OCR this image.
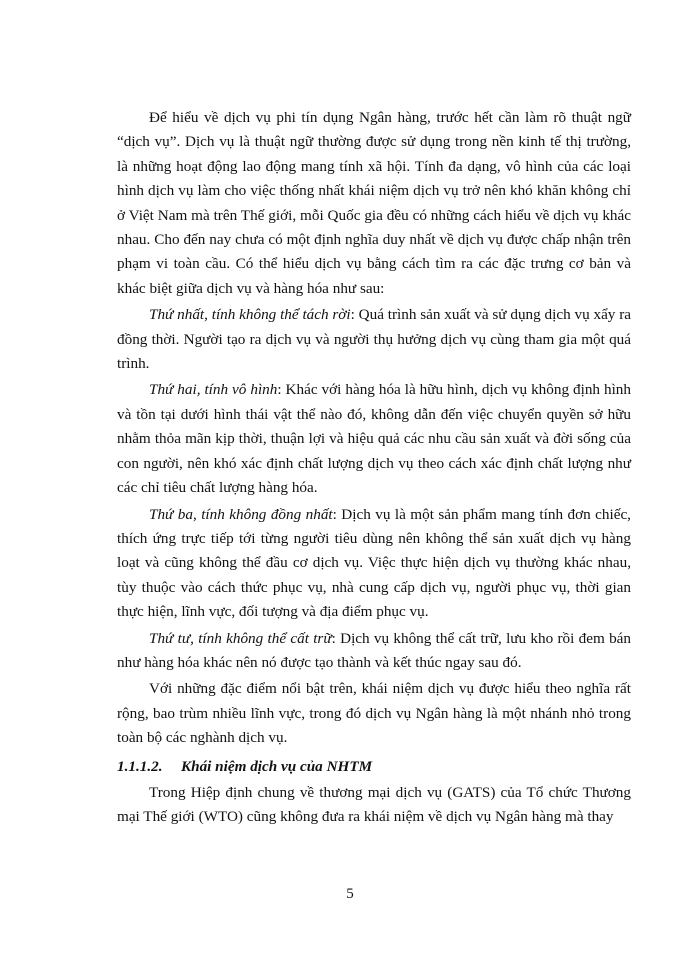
Để hiểu về dịch vụ phi tín dụng Ngân hàng, trước hết cần làm rõ thuật ngữ “dịch vụ”. Dịch vụ là thuật ngữ thường được sử dụng trong nền kinh tế thị trường, là những hoạt động lao động mang tính xã hội. Tính đa dạng, vô hình của các loại hình dịch vụ làm cho việc thống nhất khái niệm dịch vụ trở nên khó khăn không chỉ ở Việt Nam mà trên Thế giới, mỗi Quốc gia đều có những cách hiểu về dịch vụ khác nhau. Cho đến nay chưa có một định nghĩa duy nhất về dịch vụ được chấp nhận trên phạm vi toàn cầu. Có thể hiểu dịch vụ bằng cách tìm ra các đặc trưng cơ bản và khác biệt giữa dịch vụ và hàng hóa như sau:

Thứ nhất, tính không thể tách rời: Quá trình sản xuất và sử dụng dịch vụ xẩy ra đồng thời. Người tạo ra dịch vụ và người thụ hưởng dịch vụ cùng tham gia một quá trình.

Thứ hai, tính vô hình: Khác với hàng hóa là hữu hình, dịch vụ không định hình và tồn tại dưới hình thái vật thể nào đó, không dẫn đến việc chuyển quyền sở hữu nhằm thỏa mãn kịp thời, thuận lợi và hiệu quả các nhu cầu sản xuất và đời sống của con người, nên khó xác định chất lượng dịch vụ theo cách xác định chất lượng như các chỉ tiêu chất lượng hàng hóa.

Thứ ba, tính không đồng nhất: Dịch vụ là một sản phẩm mang tính đơn chiếc, thích ứng trực tiếp tới từng người tiêu dùng nên không thể sản xuất dịch vụ hàng loạt và cũng không thể đầu cơ dịch vụ. Việc thực hiện dịch vụ thường khác nhau, tùy thuộc vào cách thức phục vụ, nhà cung cấp dịch vụ, người phục vụ, thời gian thực hiện, lĩnh vực, đối tượng và địa điểm phục vụ.

Thứ tư, tính không thể cất trữ: Dịch vụ không thể cất trữ, lưu kho rồi đem bán như hàng hóa khác nên nó được tạo thành và kết thúc ngay sau đó.

Với những đặc điểm nổi bật trên, khái niệm dịch vụ được hiểu theo nghĩa rất rộng, bao trùm nhiều lĩnh vực, trong đó dịch vụ Ngân hàng là một nhánh nhỏ trong toàn bộ các nghành dịch vụ.

1.1.1.2. Khái niệm dịch vụ của NHTM

Trong Hiệp định chung về thương mại dịch vụ (GATS) của Tổ chức Thương mại Thế giới (WTO) cũng không đưa ra khái niệm về dịch vụ Ngân hàng mà thay

5
